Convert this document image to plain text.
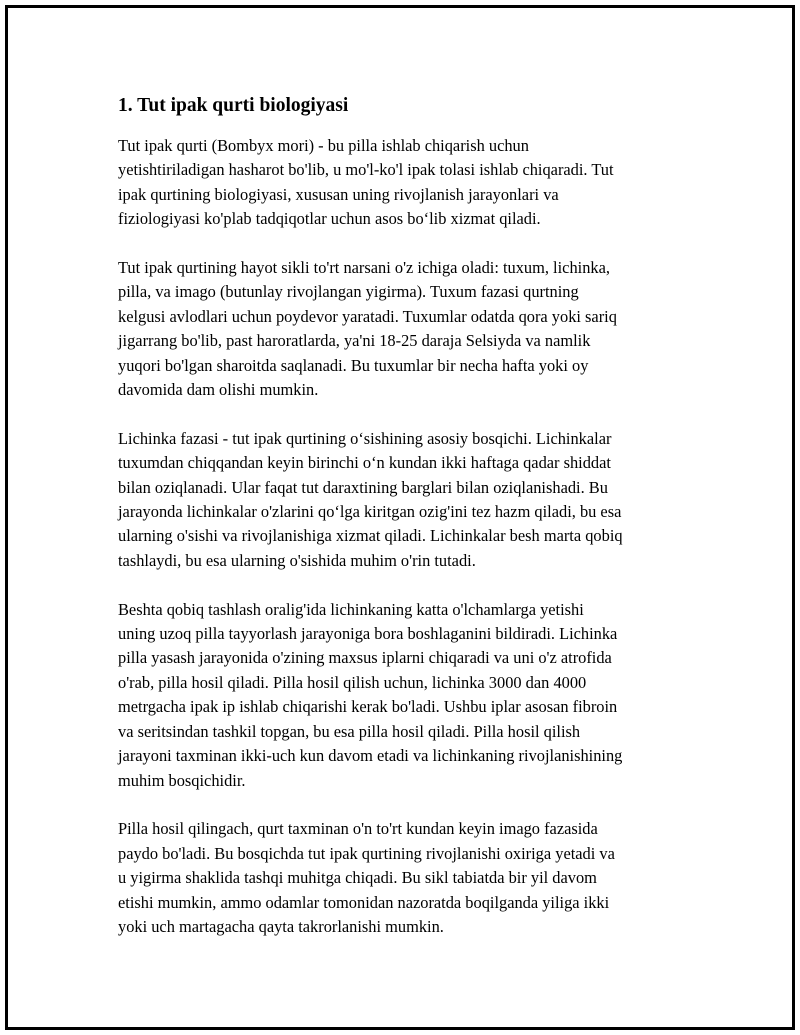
1. Tut ipak qurti biologiyasi

Tut ipak qurti (Bombyx mori) - bu pilla ishlab chiqarish uchun
yetishtiriladigan hasharot bo'lib, u mo'l-ko'l ipak tolasi ishlab chiqaradi. Tut
ipak qurtining biologiyasi, xususan uning rivojlanish jarayonlari va
fiziologiyasi ko'plab tadqiqotlar uchun asos bo‘lib xizmat qiladi.

Tut ipak qurtining hayot sikli to'rt narsani o'z ichiga oladi: tuxum, lichinka,
pilla, va imago (butunlay rivojlangan yigirma). Tuxum fazasi qurtning
kelgusi avlodlari uchun poydevor yaratadi. Tuxumlar odatda qora yoki sariq
jigarrang bo'lib, past haroratlarda, ya'ni 18-25 daraja Selsiyda va namlik
yuqori bo'lgan sharoitda saqlanadi. Bu tuxumlar bir necha hafta yoki oy
davomida dam olishi mumkin.

Lichinka fazasi - tut ipak qurtining o‘sishining asosiy bosqichi. Lichinkalar
tuxumdan chiqqandan keyin birinchi o‘n kundan ikki haftaga qadar shiddat
bilan oziqlanadi. Ular faqat tut daraxtining barglari bilan oziqlanishadi. Bu
jarayonda lichinkalar o'zlarini qo‘lga kiritgan ozig'ini tez hazm qiladi, bu esa
ularning o'sishi va rivojlanishiga xizmat qiladi. Lichinkalar besh marta qobiq
tashlaydi, bu esa ularning o'sishida muhim o'rin tutadi.

Beshta qobiq tashlash oralig'ida lichinkaning katta o'lchamlarga yetishi
uning uzoq pilla tayyorlash jarayoniga bora boshlaganini bildiradi. Lichinka
pilla yasash jarayonida o'zining maxsus iplarni chiqaradi va uni o'z atrofida
o'rab, pilla hosil qiladi. Pilla hosil qilish uchun, lichinka 3000 dan 4000
metrgacha ipak ip ishlab chiqarishi kerak bo'ladi. Ushbu iplar asosan fibroin
va seritsindan tashkil topgan, bu esa pilla hosil qiladi. Pilla hosil qilish
jarayoni taxminan ikki-uch kun davom etadi va lichinkaning rivojlanishining
muhim bosqichidir.

Pilla hosil qilingach, qurt taxminan o'n to'rt kundan keyin imago fazasida
paydo bo'ladi. Bu bosqichda tut ipak qurtining rivojlanishi oxiriga yetadi va
u yigirma shaklida tashqi muhitga chiqadi. Bu sikl tabiatda bir yil davom
etishi mumkin, ammo odamlar tomonidan nazoratda boqilganda yiliga ikki
yoki uch martagacha qayta takrorlanishi mumkin.
